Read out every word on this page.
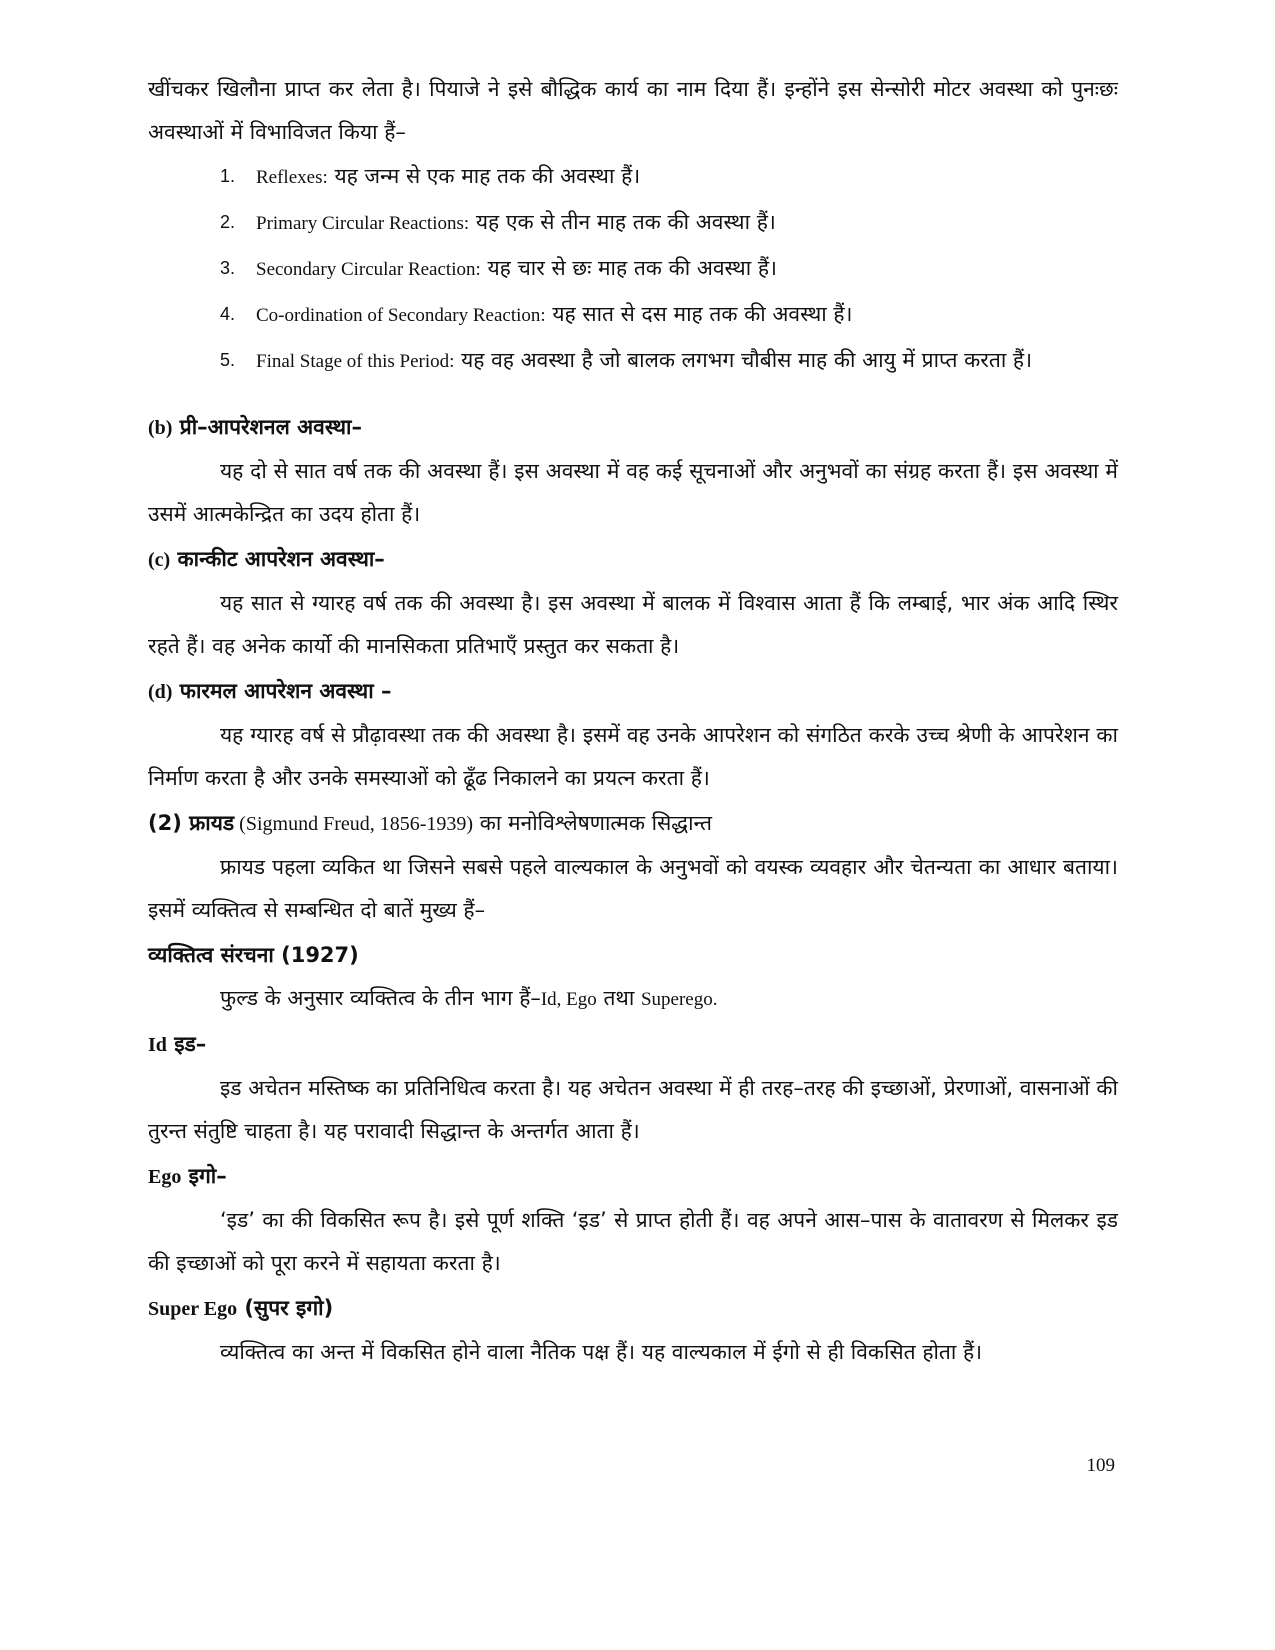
खींचकर खिलौना प्राप्त कर लेता है। पियाजे ने इसे बौद्धिक कार्य का नाम दिया हैं। इन्होंने इस सेन्सोरी मोटर अवस्था को पुनःछः अवस्थाओं में विभाविजत किया हैं–

1. Reflexes: यह जन्म से एक माह तक की अवस्था हैं।
2. Primary Circular Reactions: यह एक से तीन माह तक की अवस्था हैं।
3. Secondary Circular Reaction: यह चार से छः माह तक की अवस्था हैं।
4. Co-ordination of Secondary Reaction: यह सात से दस माह तक की अवस्था हैं।
5. Final Stage of this Period: यह वह अवस्था है जो बालक लगभग चौबीस माह की आयु में प्राप्त करता हैं।

(b) प्री–आपरेशनल अवस्था–

यह दो से सात वर्ष तक की अवस्था हैं। इस अवस्था में वह कई सूचनाओं और अनुभवों का संग्रह करता हैं। इस अवस्था में उसमें आत्मकेन्द्रित का उदय होता हैं।

(c) कान्कीट आपरेशन अवस्था–

यह सात से ग्यारह वर्ष तक की अवस्था है। इस अवस्था में बालक में विश्वास आता हैं कि लम्बाई, भार अंक आदि स्थिर रहते हैं। वह अनेक कार्यो की मानसिकता प्रतिभाएँ प्रस्तुत कर सकता है।

(d) फारमल आपरेशन अवस्था –

यह ग्यारह वर्ष से प्रौढ़ावस्था तक की अवस्था है। इसमें वह उनके आपरेशन को संगठित करके उच्च श्रेणी के आपरेशन का निर्माण करता है और उनके समस्याओं को ढूँढ निकालने का प्रयत्न करता हैं।

(2) फ्रायड (Sigmund Freud, 1856-1939) का मनोविश्लेषणात्मक सिद्धान्त

फ्रायड पहला व्यकित था जिसने सबसे पहले वाल्यकाल के अनुभवों को वयस्क व्यवहार और चेतन्यता का आधार बताया। इसमें व्यक्तित्व से सम्बन्धित दो बातें मुख्य हैं–

व्यक्तित्व संरचना (1927)

फुल्ड के अनुसार व्यक्तित्व के तीन भाग हैं–Id, Ego तथा Superego.

Id इड–

इड अचेतन मस्तिष्क का प्रतिनिधित्व करता है। यह अचेतन अवस्था में ही तरह–तरह की इच्छाओं, प्रेरणाओं, वासनाओं की तुरन्त संतुष्टि चाहता है। यह परावादी सिद्धान्त के अन्तर्गत आता हैं।

Ego इगो–

‘इड’ का की विकसित रूप है। इसे पूर्ण शक्ति ‘इड’ से प्राप्त होती हैं। वह अपने आस–पास के वातावरण से मिलकर इड की इच्छाओं को पूरा करने में सहायता करता है।

Super Ego (सुपर इगो)

व्यक्तित्व का अन्त में विकसित होने वाला नैतिक पक्ष हैं। यह वाल्यकाल में ईगो से ही विकसित होता हैं।

109
